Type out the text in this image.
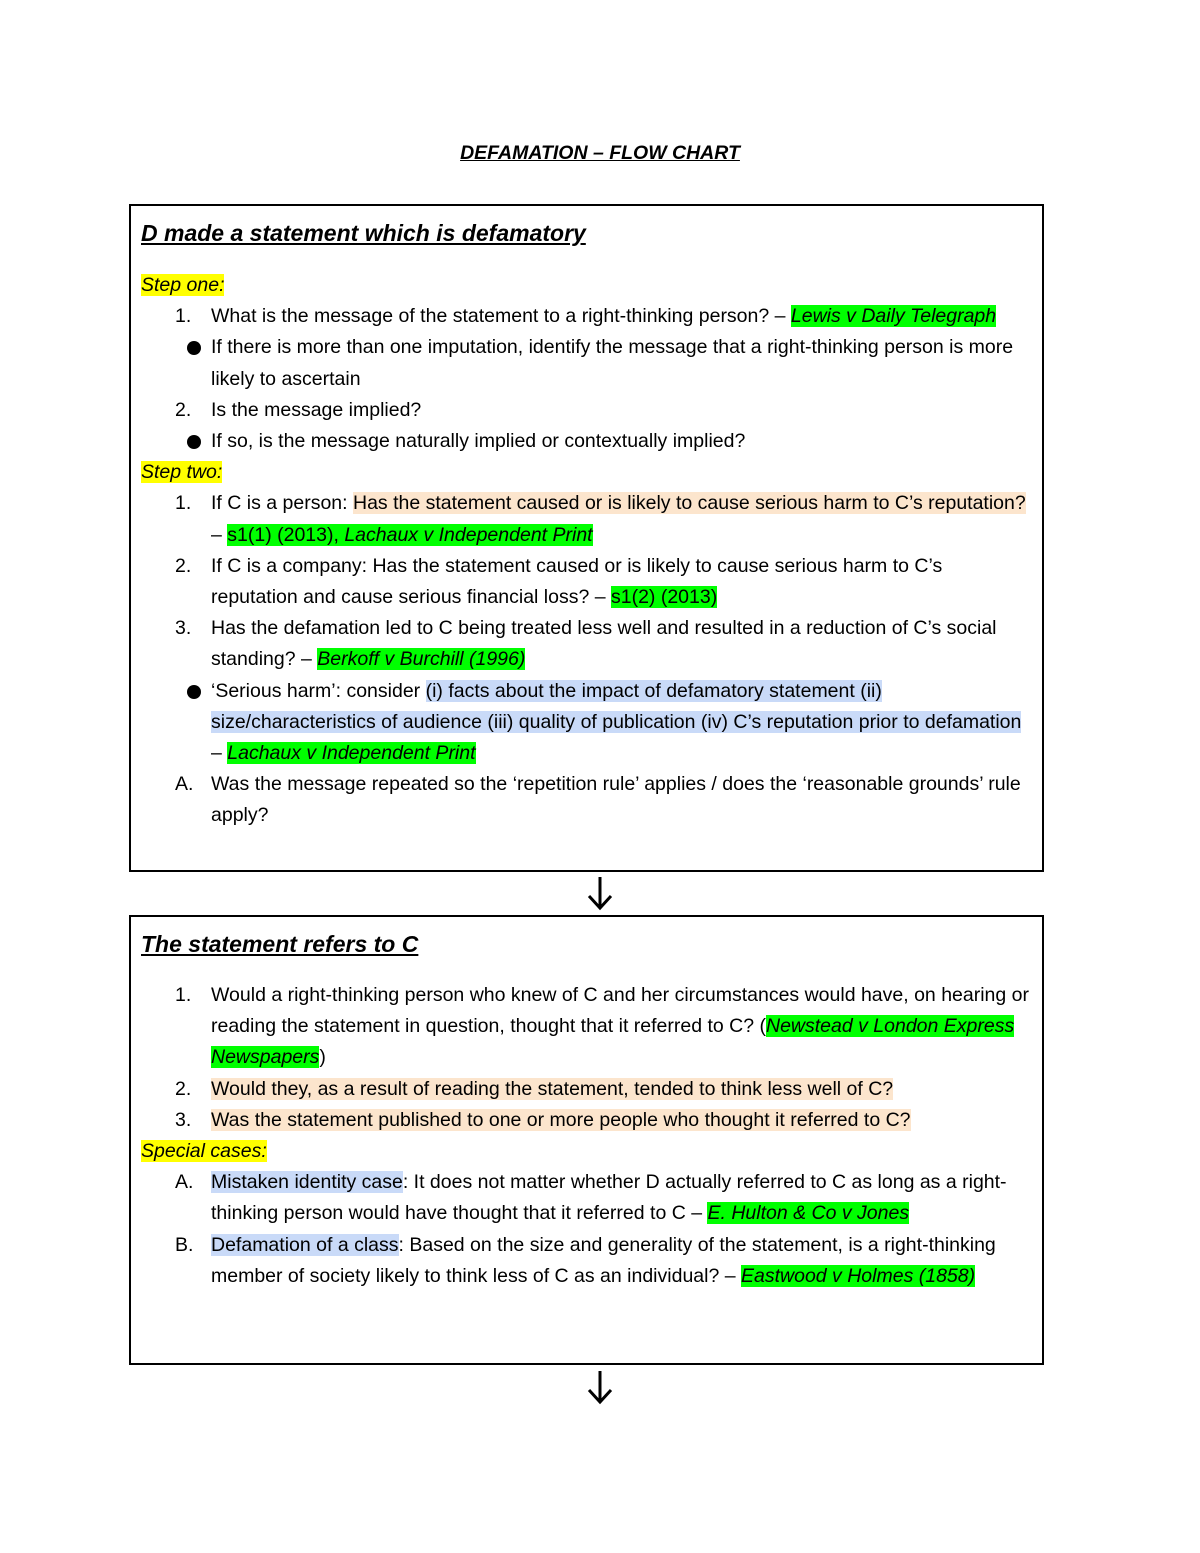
DEFAMATION – FLOW CHART
D made a statement which is defamatory
Step one:
1.	What is the message of the statement to a right-thinking person? – Lewis v Daily Telegraph
If there is more than one imputation, identify the message that a right-thinking person is more likely to ascertain
2.	Is the message implied?
If so, is the message naturally implied or contextually implied?
Step two:
1.	If C is a person: Has the statement caused or is likely to cause serious harm to C’s reputation? – s1(1) (2013), Lachaux v Independent Print
2.	If C is a company: Has the statement caused or is likely to cause serious harm to C’s reputation and cause serious financial loss? – s1(2) (2013)
3.	Has the defamation led to C being treated less well and resulted in a reduction of C’s social standing? – Berkoff v Burchill (1996)
‘Serious harm’: consider (i) facts about the impact of defamatory statement (ii) size/characteristics of audience (iii) quality of publication (iv) C’s reputation prior to defamation – Lachaux v Independent Print
A. Was the message repeated so the ‘repetition rule’ applies / does the ‘reasonable grounds’ rule apply?
The statement refers to C
1.	Would a right-thinking person who knew of C and her circumstances would have, on hearing or reading the statement in question, thought that it referred to C? (Newstead v London Express Newspapers)
2.	Would they, as a result of reading the statement, tended to think less well of C?
3.	Was the statement published to one or more people who thought it referred to C?
Special cases:
A. Mistaken identity case: It does not matter whether D actually referred to C as long as a right-thinking person would have thought that it referred to C – E. Hulton & Co v Jones
B. Defamation of a class: Based on the size and generality of the statement, is a right-thinking member of society likely to think less of C as an individual? – Eastwood v Holmes (1858)
